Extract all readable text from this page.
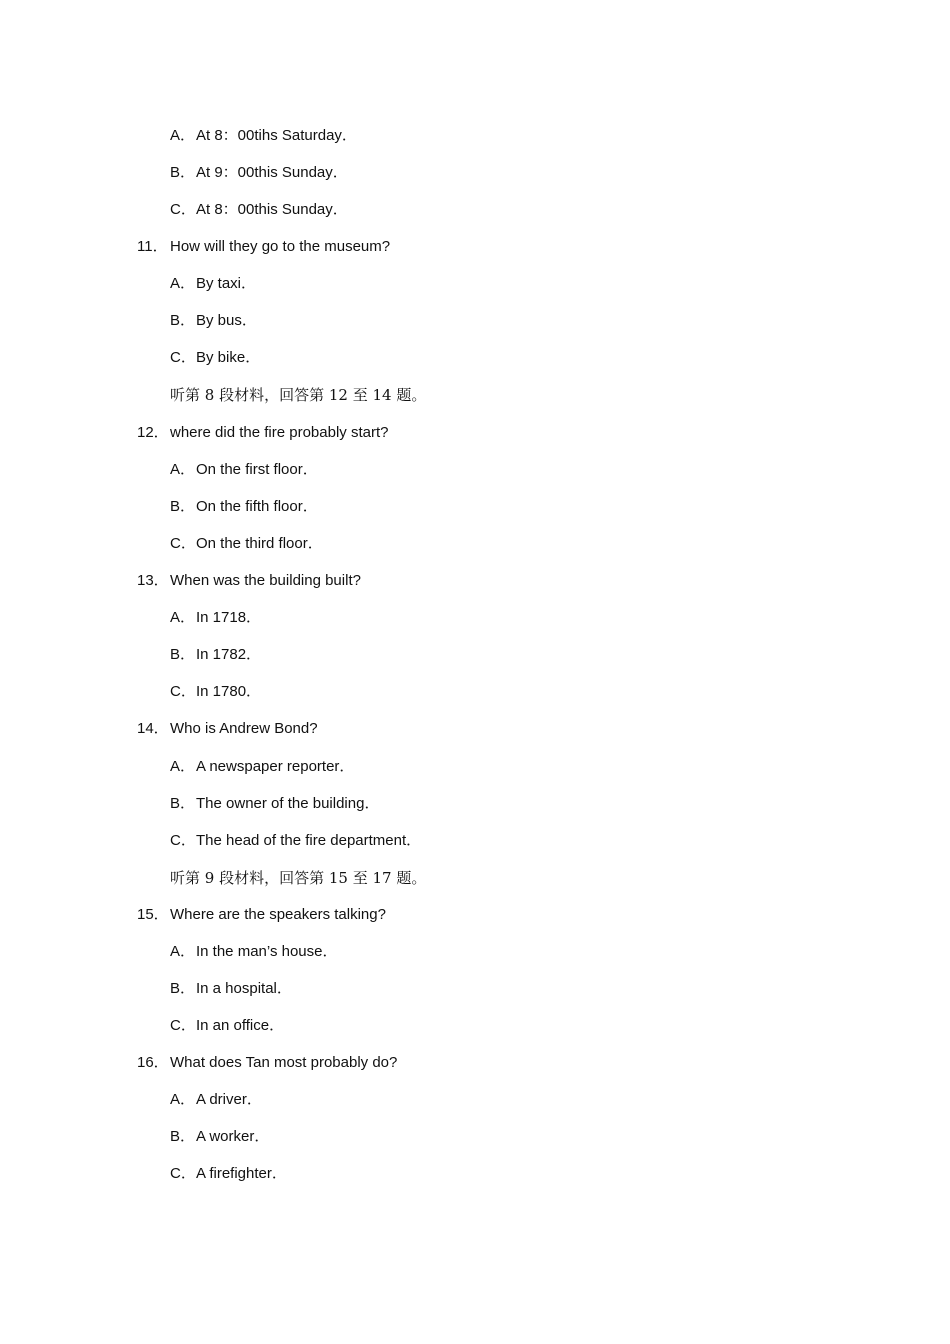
A．At 8：00tihs Saturday．
B．At 9：00this Sunday．
C．At 8：00this Sunday．
11． How will they go to the museum?
A．By taxi．
B．By bus．
C．By bike．
听第 8 段材料，回答第 12 至 14 题。
12．where did the fire probably start?
A．On the first floor．
B．On the fifth floor．
C．On the third floor．
13．When was the building built?
A．In 1718．
B．In 1782．
C．In 1780．
14．Who is Andrew Bond?
A．A newspaper reporter．
B．The owner of the building．
C．The head of the fire department．
听第 9 段材料，回答第 15 至 17 题。
15．Where are the speakers talking?
A．In the man’s house．
B．In a hospital．
C．In an office．
16．What does Tan most probably do?
A．A driver．
B．A worker．
C．A firefighter．
